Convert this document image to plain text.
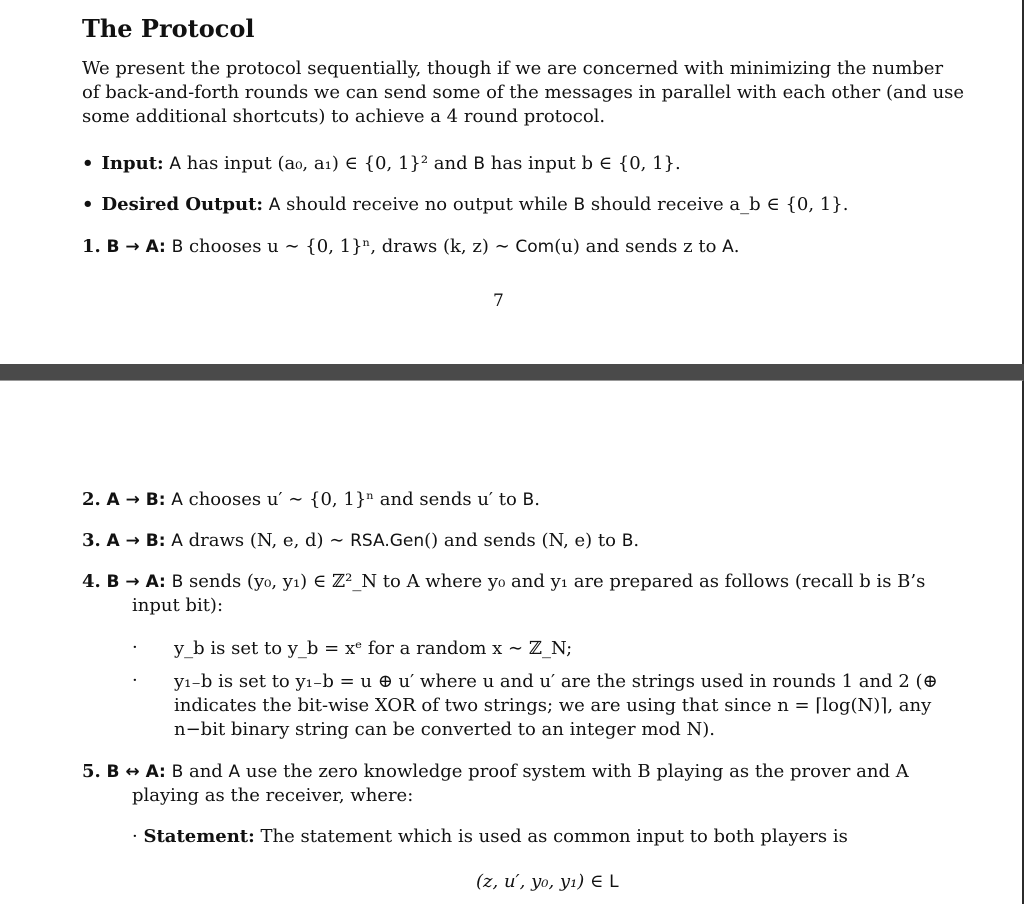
The Protocol
We present the protocol sequentially, though if we are concerned with minimizing the number
of back-and-forth rounds we can send some of the messages in parallel with each other (and use
some additional shortcuts) to achieve a 4 round protocol.
• Input: A has input (a₀, a₁) ∈ {0, 1}² and B has input b ∈ {0, 1}.
• Desired Output: A should receive no output while B should receive a_b ∈ {0, 1}.
1. B → A: B chooses u ∼ {0, 1}ⁿ, draws (k, z) ∼ Com(u) and sends z to A.
7
2. A → B: A chooses u′ ∼ {0, 1}ⁿ and sends u′ to B.
3. A → B: A draws (N, e, d) ∼ RSA.Gen() and sends (N, e) to B.
4. B → A: B sends (y₀, y₁) ∈ ℤ²_N to A where y₀ and y₁ are prepared as follows (recall b is B’s
input bit):
· y_b is set to y_b = xᵉ for a random x ∼ ℤ_N;
· y₁₋b is set to y₁₋b = u ⊕ u′ where u and u′ are the strings used in rounds 1 and 2 (⊕
indicates the bit-wise XOR of two strings; we are using that since n = ⌈log(N)⌉, any
n−bit binary string can be converted to an integer mod N).
5. B ↔ A: B and A use the zero knowledge proof system with B playing as the prover and A
playing as the receiver, where:
· Statement: The statement which is used as common input to both players is
(z, u′, y₀, y₁) ∈ L
